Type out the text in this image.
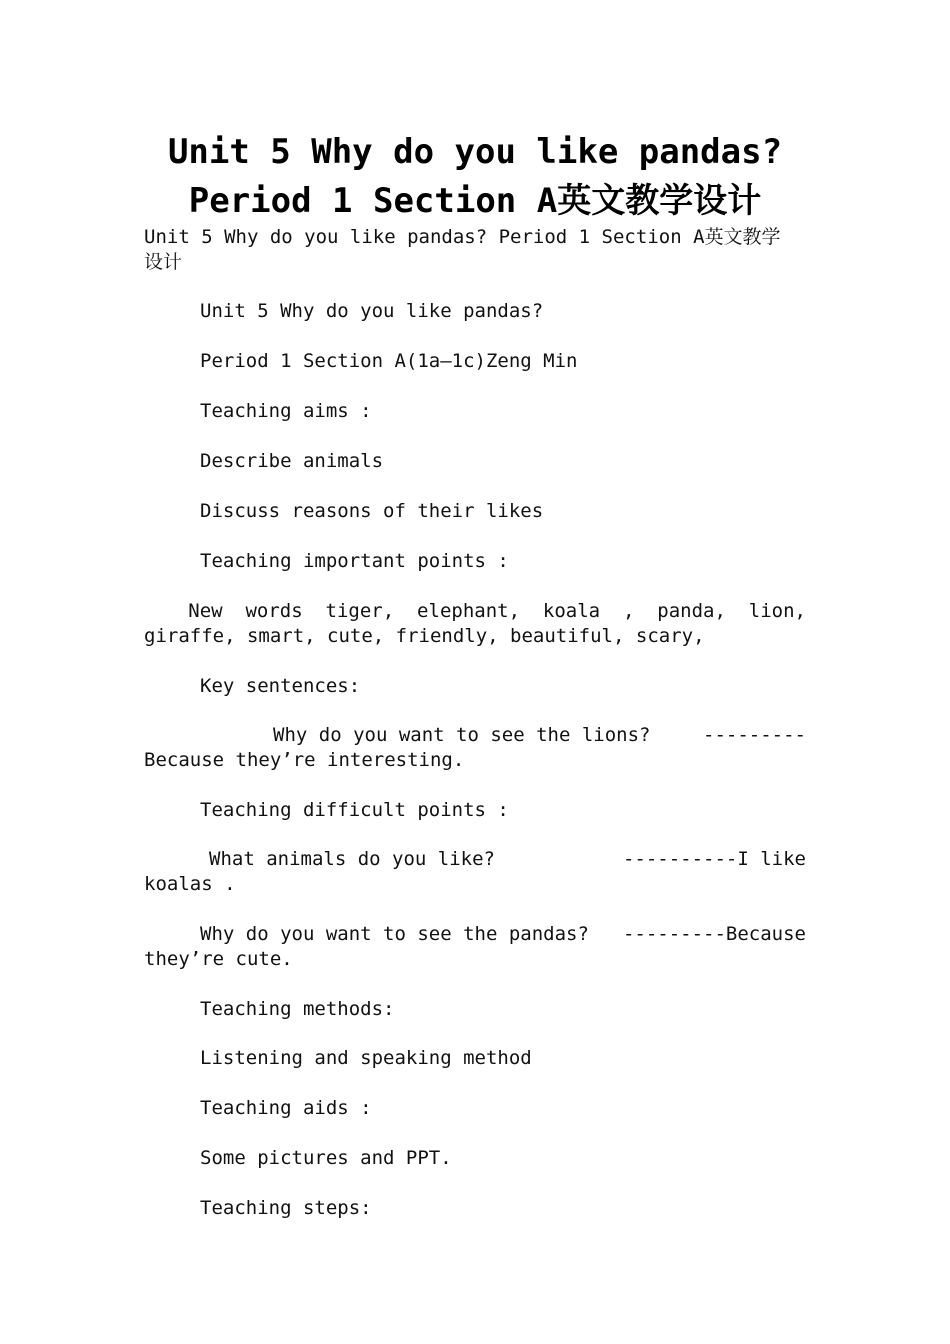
Unit 5 Why do you like pandas?
Period 1 Section A英文教学设计
Unit 5 Why do you like pandas? Period 1 Section A英文教学
设计
Unit 5 Why do you like pandas?
Period 1 Section A(1a—1c)Zeng Min
Teaching aims :
Describe animals
Discuss reasons of their likes
Teaching important points :

New  words  tiger,  elephant,  koala  ,  panda,  lion,

giraffe, smart, cute, friendly, beautiful, scary,
Key sentences:

Why do you want to see the lions?

	---------

Because they’re interesting.
Teaching difficult points :

What animals do you like?

	----------I like

koalas .

Why do you want to see the pandas?

---------Because

they’re cute.
Teaching methods:
Listening and speaking method
Teaching aids :
Some pictures and PPT.
Teaching steps:
